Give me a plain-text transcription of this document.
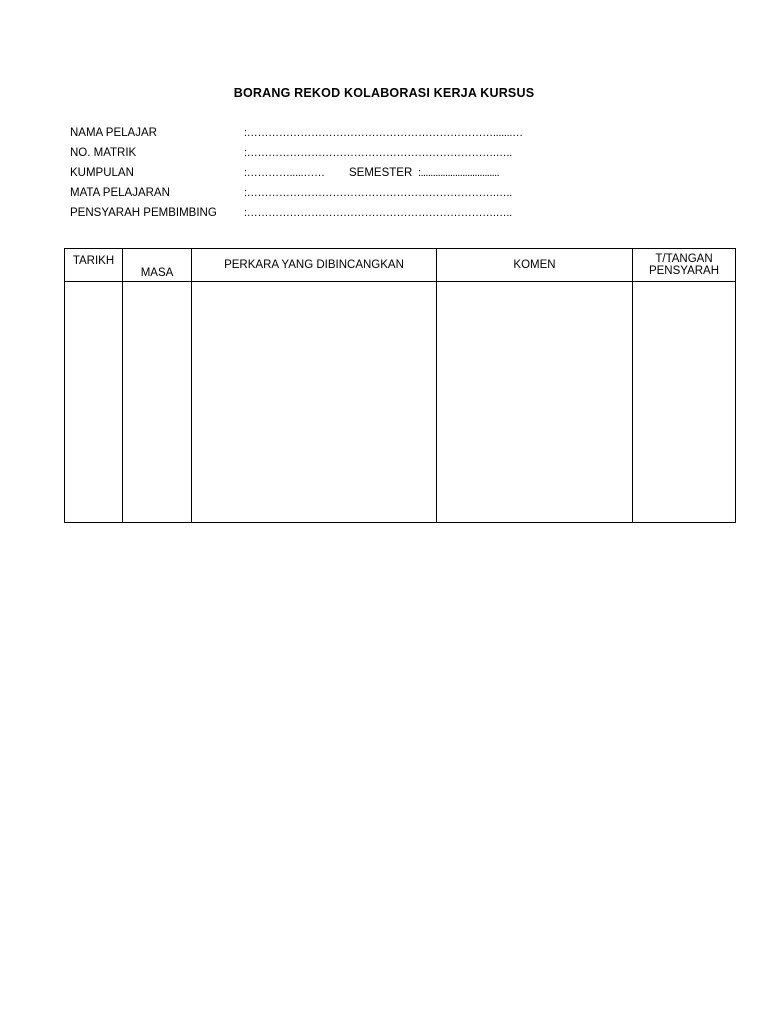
BORANG REKOD KOLABORASI KERJA KURSUS
NAMA PELAJAR	:…………………………………………………………….......…
NO. MATRIK	:…………………………………………………………….…..
KUMPULAN	:………….....…… SEMESTER :................................
MATA PELAJARAN	:…………………………………………………………….…..
PENSYARAH PEMBIMBING :…………………………………………………………….…..
TARIKH	MASA	PERKARA YANG DIBINCANGKAN	KOMEN	T/TANGAN
PENSYARAH
